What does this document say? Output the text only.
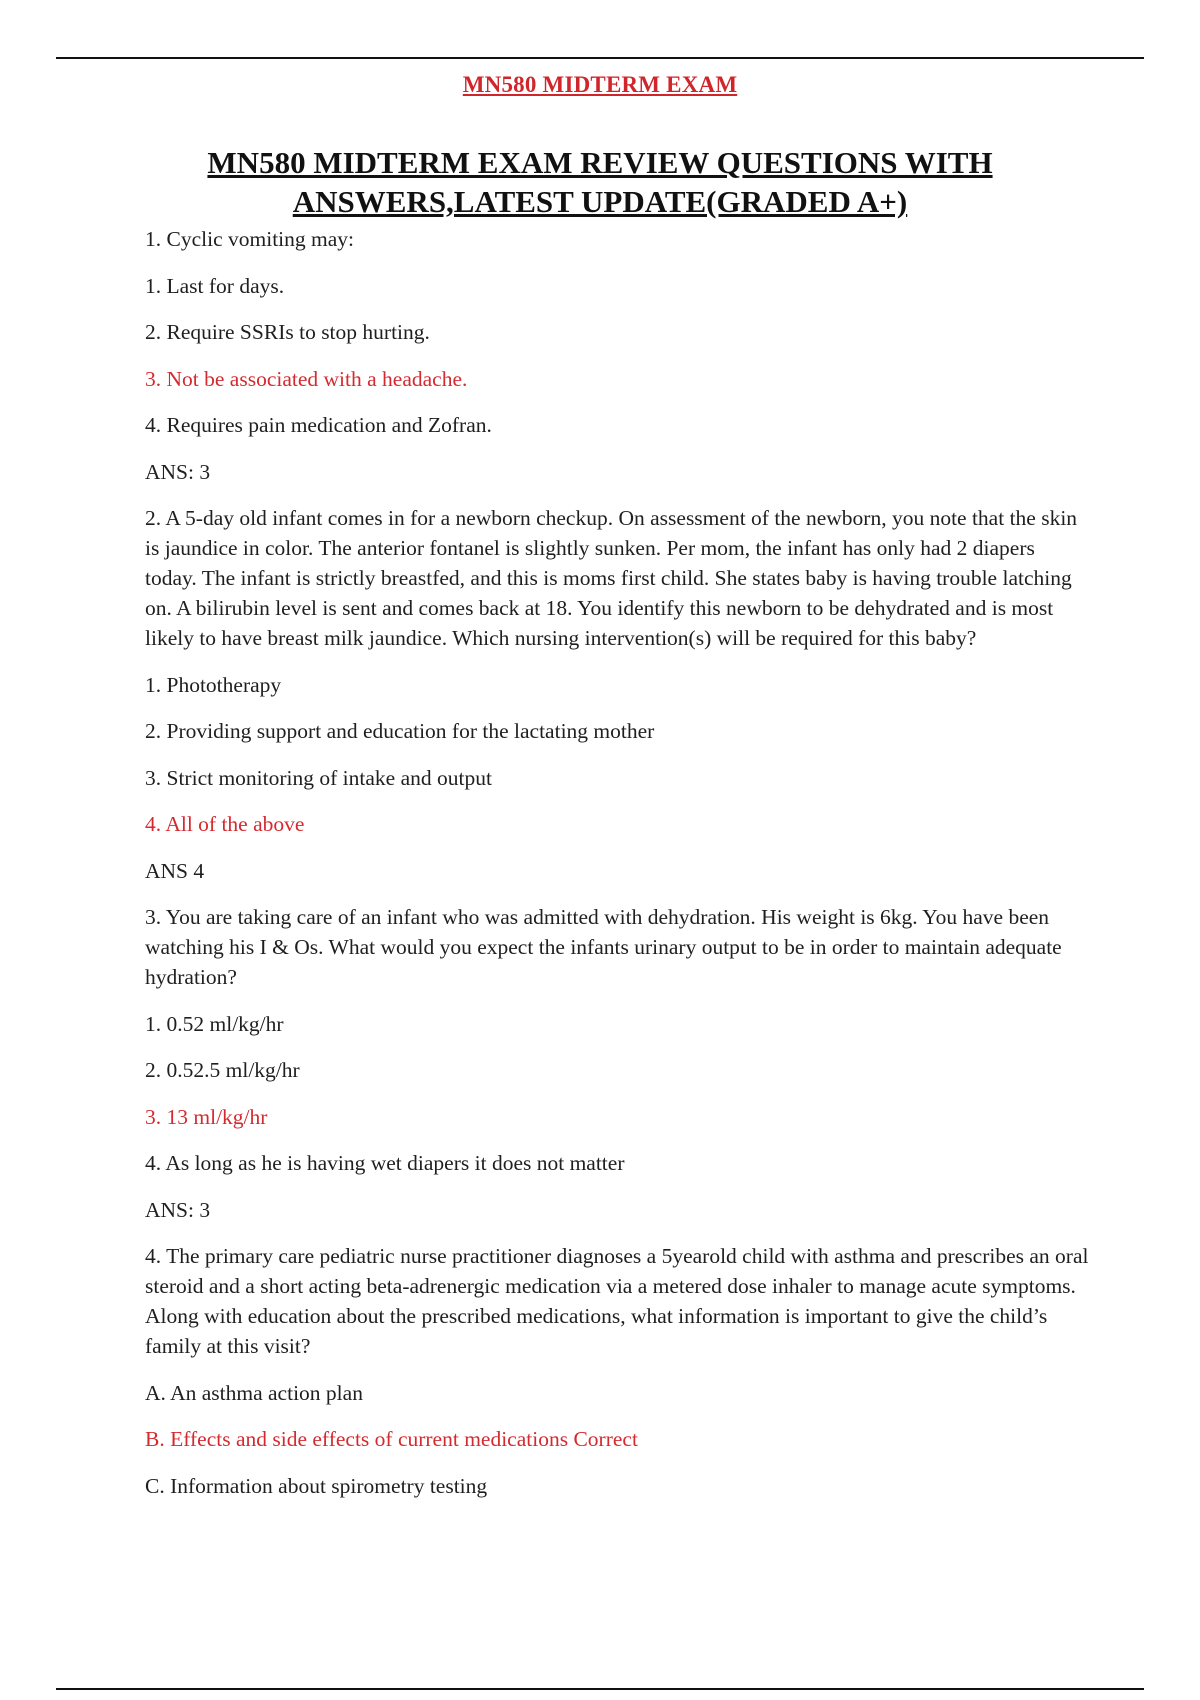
MN580 MIDTERM EXAM
MN580 MIDTERM EXAM REVIEW QUESTIONS WITH
ANSWERS,LATEST UPDATE(GRADED A+)

1. Cyclic vomiting may:

1. Last for days.

2. Require SSRIs to stop hurting.

3. Not be associated with a headache.

4. Requires pain medication and Zofran.

ANS: 3

2. A 5-day old infant comes in for a newborn checkup. On assessment of the newborn, you note that the skin is jaundice in color. The anterior fontanel is slightly sunken. Per mom, the infant has only had 2 diapers today. The infant is strictly breastfed, and this is moms first child. She states baby is having trouble latching on. A bilirubin level is sent and comes back at 18. You identify this newborn to be dehydrated and is most likely to have breast milk jaundice. Which nursing intervention(s) will be required for this baby?

1. Phototherapy

2. Providing support and education for the lactating mother

3. Strict monitoring of intake and output

4. All of the above

ANS 4

3. You are taking care of an infant who was admitted with dehydration. His weight is 6kg. You have been watching his I & Os. What would you expect the infants urinary output to be in order to maintain adequate hydration?

1. 0.52 ml/kg/hr

2. 0.52.5 ml/kg/hr

3. 13 ml/kg/hr

4. As long as he is having wet diapers it does not matter

ANS: 3

4. The primary care pediatric nurse practitioner diagnoses a 5yearold child with asthma and prescribes an oral steroid and a short acting beta-adrenergic medication via a metered dose inhaler to manage acute symptoms. Along with education about the prescribed medications, what information is important to give the child’s family at this visit?

A. An asthma action plan

B. Effects and side effects of current medications Correct

C. Information about spirometry testing
